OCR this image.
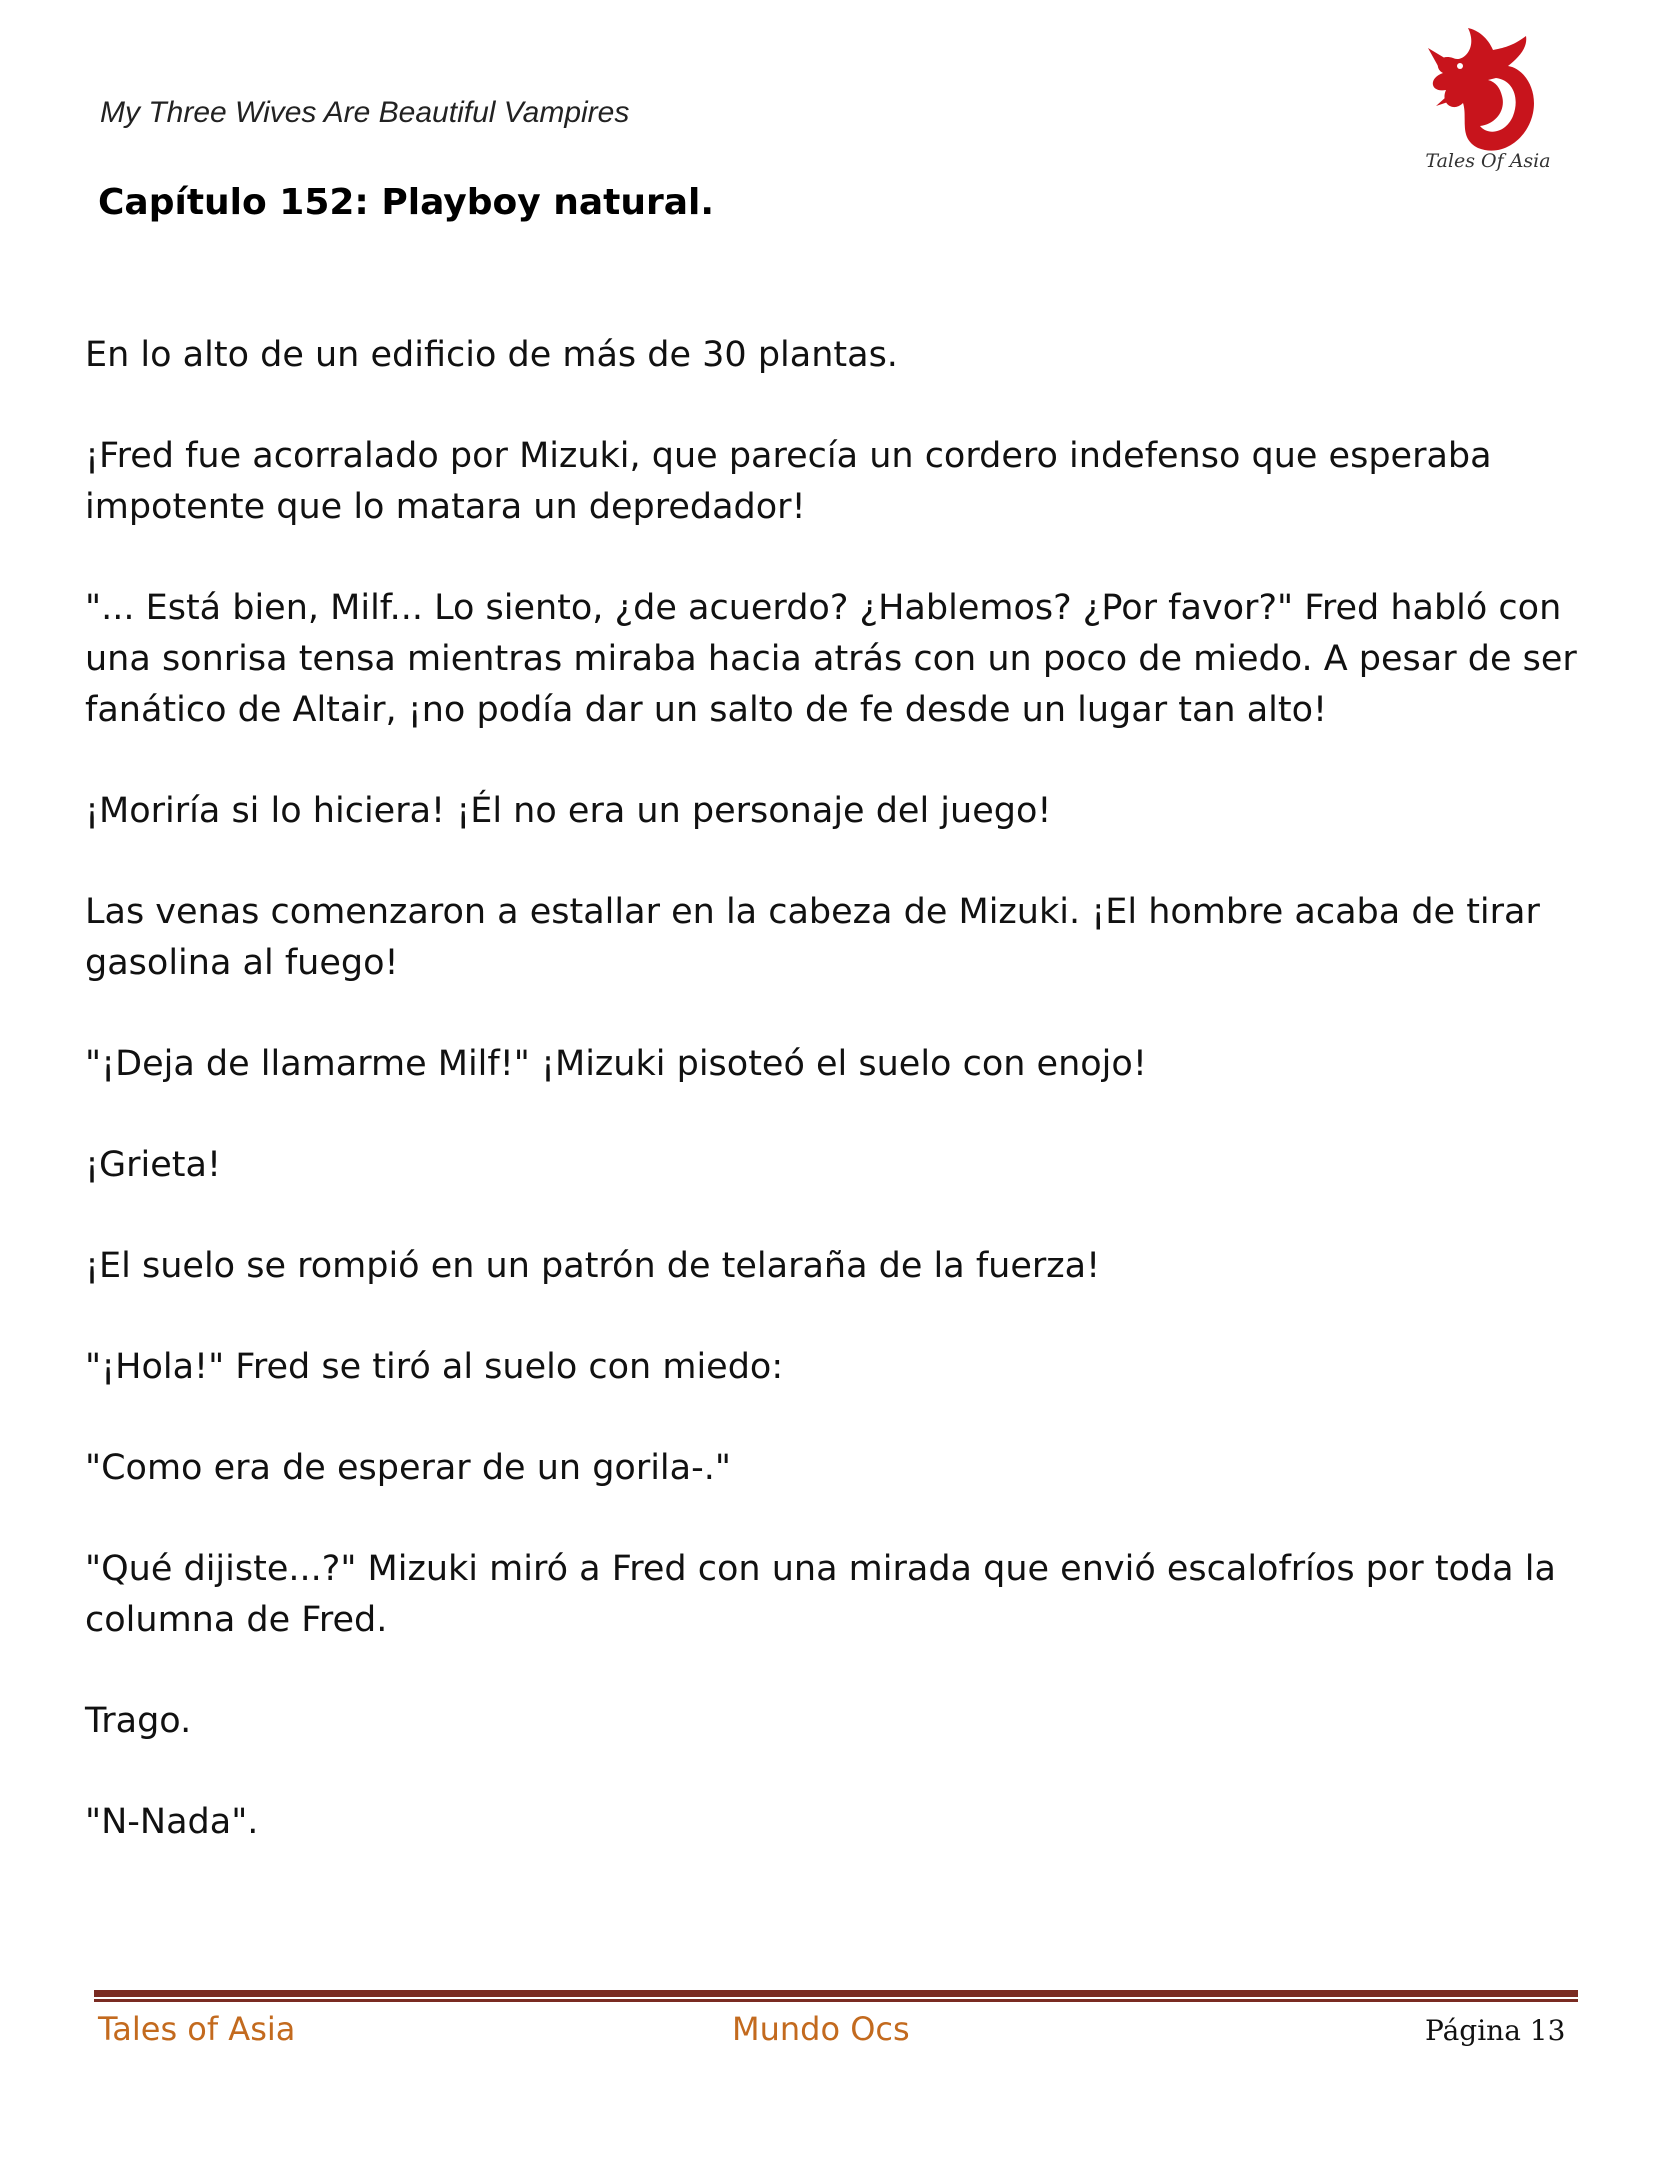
My Three Wives Are Beautiful Vampires
Tales Of Asia
Capítulo 152: Playboy natural.

En lo alto de un edificio de más de 30 plantas.

¡Fred fue acorralado por Mizuki, que parecía un cordero indefenso que esperaba impotente que lo matara un depredador!

"... Está bien, Milf... Lo siento, ¿de acuerdo? ¿Hablemos? ¿Por favor?" Fred habló con una sonrisa tensa mientras miraba hacia atrás con un poco de miedo. A pesar de ser fanático de Altair, ¡no podía dar un salto de fe desde un lugar tan alto!

¡Moriría si lo hiciera! ¡Él no era un personaje del juego!

Las venas comenzaron a estallar en la cabeza de Mizuki. ¡El hombre acaba de tirar gasolina al fuego!

"¡Deja de llamarme Milf!" ¡Mizuki pisoteó el suelo con enojo!

¡Grieta!

¡El suelo se rompió en un patrón de telaraña de la fuerza!

"¡Hola!" Fred se tiró al suelo con miedo:

"Como era de esperar de un gorila-."

"Qué dijiste...?" Mizuki miró a Fred con una mirada que envió escalofríos por toda la columna de Fred.

Trago.

"N-Nada".

Tales of Asia	Mundo Ocs	Página 13
